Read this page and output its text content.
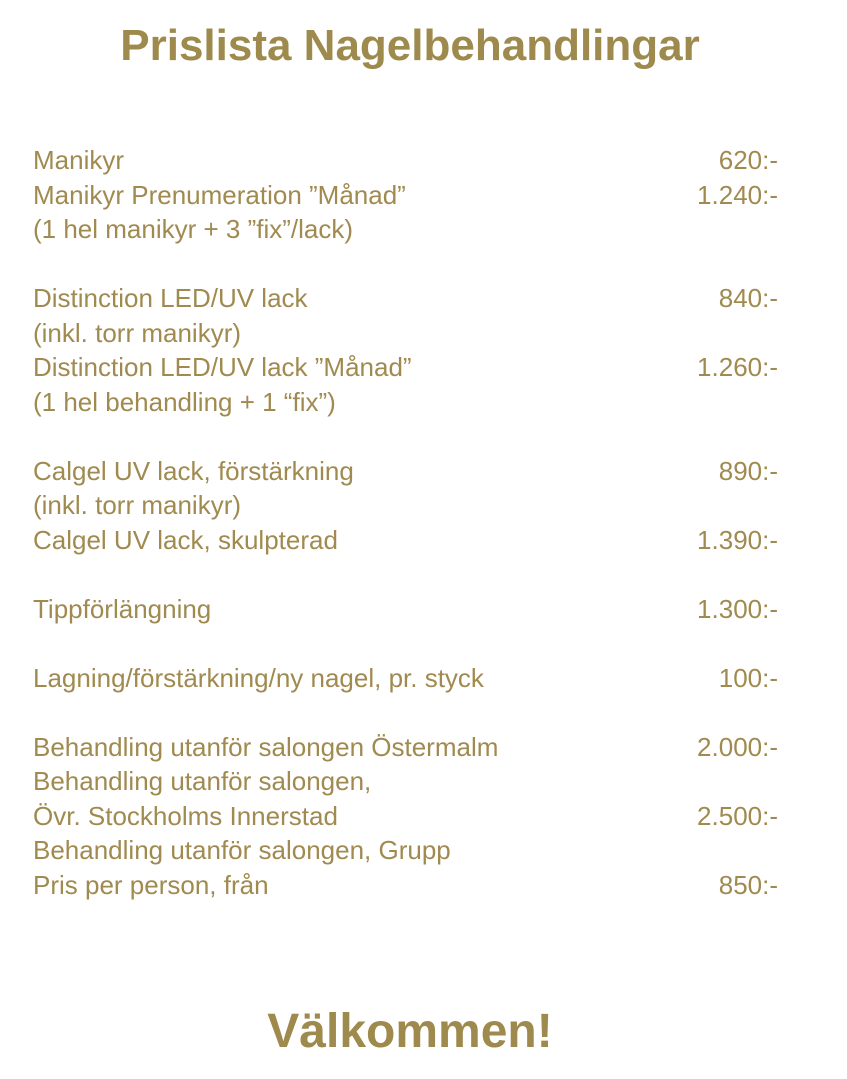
Prislista Nagelbehandlingar
Manikyr	620:-
Manikyr Prenumeration ”Månad”	1.240:-
(1 hel manikyr + 3 ”fix”/lack)
Distinction LED/UV lack	840:-
(inkl. torr manikyr)
Distinction LED/UV lack ”Månad”	1.260:-
(1 hel behandling + 1 “fix”)
Calgel UV lack, förstärkning	890:-
(inkl. torr manikyr)
Calgel UV lack, skulpterad	1.390:-
Tippförlängning	1.300:-
Lagning/förstärkning/ny nagel, pr. styck	100:-
Behandling utanför salongen Östermalm	2.000:-
Behandling utanför salongen,
Övr. Stockholms Innerstad	2.500:-
Behandling utanför salongen, Grupp
Pris per person, från	850:-
Välkommen!
